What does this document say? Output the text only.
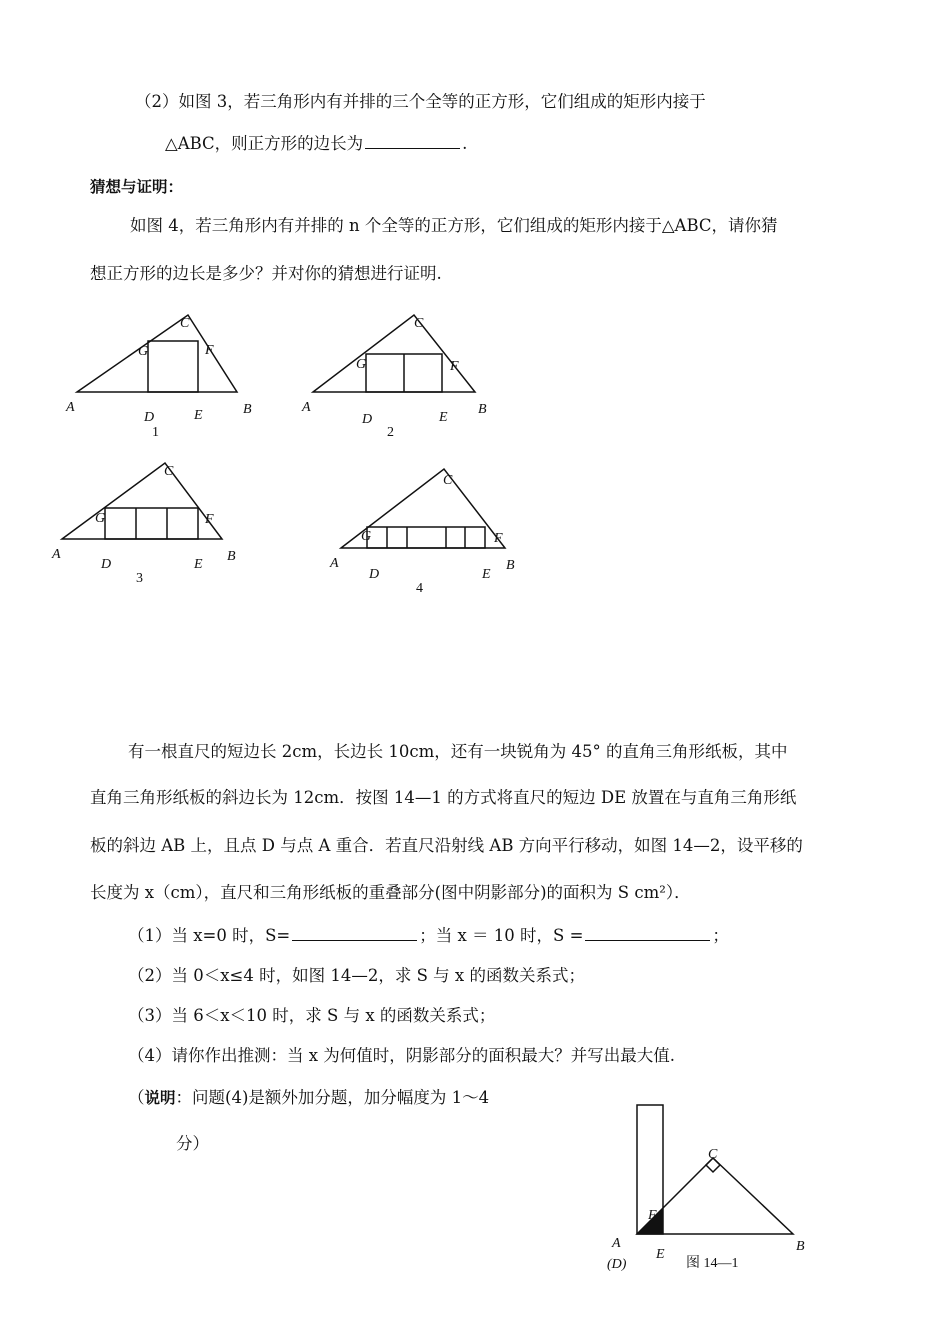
（2）如图 3，若三角形内有并排的三个全等的正方形，它们组成的矩形内接于
△ABC，则正方形的边长为	.
猜想与证明：
如图 4，若三角形内有并排的 n 个全等的正方形，它们组成的矩形内接于△ABC，请你猜
想正方形的边长是多少？并对你的猜想进行证明.
A
C
G	F
B
D	E
1
A
C
G	F
B
D	E
2
A
C
G	F
B
D	E
3
A
C
G	F
B
D	E
4
A
(D)
E
F
C
B
图 14—1
有一根直尺的短边长 2cm，长边长 10cm，还有一块锐角为 45° 的直角三角形纸板，其中
直角三角形纸板的斜边长为 12cm．按图 14—1 的方式将直尺的短边 DE 放置在与直角三角形纸
板的斜边 AB 上，且点 D 与点 A 重合．若直尺沿射线 AB 方向平行移动，如图 14—2，设平移的
长度为 x（cm），直尺和三角形纸板的重叠部分(图中阴影部分)的面积为 S cm²）．
（1）当 x=0 时，S=	；当 x ＝ 10 时，S =	；
（2）当 0＜x≤4 时，如图 14—2，求 S 与 x 的函数关系式；
（3）当 6＜x＜10 时，求 S 与 x 的函数关系式；
（4）请你作出推测：当 x 为何值时，阴影部分的面积最大？并写出最大值.
（说明：问题(4)是额外加分题，加分幅度为 1～4
分）
